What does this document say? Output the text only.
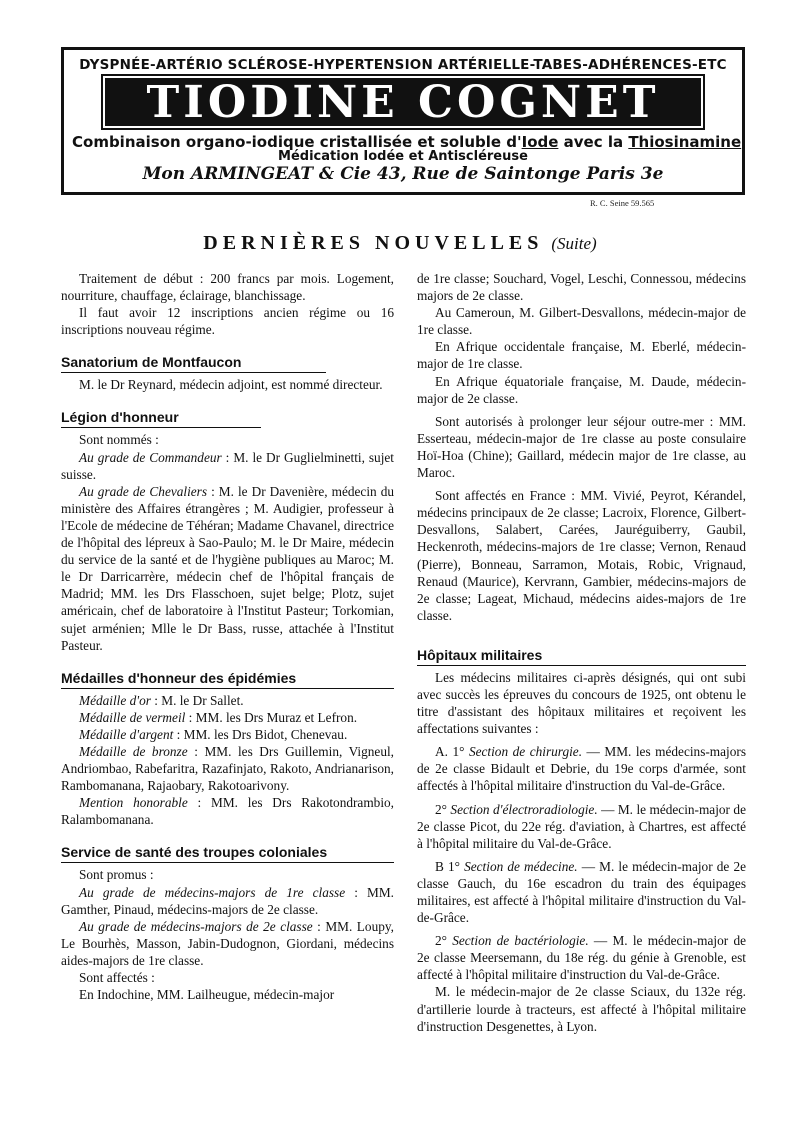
DYSPNÉE-ARTÉRIO SCLÉROSE-HYPERTENSION ARTÉRIELLE-TABES-ADHÉRENCES-ETC
TIODINE COGNET
Combinaison organo-iodique cristallisée et soluble d'Iode avec la Thiosinamine
Médication Iodée et Antiscléreuse
Mon ARMINGEAT & Cie 43, Rue de Saintonge Paris 3e
R. C. Seine 59.565
DERNIÈRES NOUVELLES (Suite)

Traitement de début : 200 francs par mois. Logement, nourriture, chauffage, éclairage, blanchissage.

Il faut avoir 12 inscriptions ancien régime ou 16 inscriptions nouveau régime.

Sanatorium de Montfaucon

M. le Dr Reynard, médecin adjoint, est nommé directeur.

Légion d'honneur

Sont nommés :

Au grade de Commandeur : M. le Dr Guglielminetti, sujet suisse.

Au grade de Chevaliers : M. le Dr Davenière, médecin du ministère des Affaires étrangères ; M. Audigier, professeur à l'Ecole de médecine de Téhéran; Madame Chavanel, directrice de l'hôpital des lépreux à Sao-Paulo; M. le Dr Maire, médecin du service de la santé et de l'hygiène publiques au Maroc; M. le Dr Darricarrère, médecin chef de l'hôpital français de Madrid; MM. les Drs Flasschoen, sujet belge; Plotz, sujet américain, chef de laboratoire à l'Institut Pasteur; Torkomian, sujet arménien; Mlle le Dr Bass, russe, attachée à l'Institut Pasteur.

Médailles d'honneur des épidémies

Médaille d'or : M. le Dr Sallet.

Médaille de vermeil : MM. les Drs Muraz et Lefron.

Médaille d'argent : MM. les Drs Bidot, Chenevau.

Médaille de bronze : MM. les Drs Guillemin, Vigneul, Andriombao, Rabefaritra, Razafinjato, Rakoto, Andrianarison, Rambomanana, Rajaobary, Rakotoarivony.

Mention honorable : MM. les Drs Rakotondrambio, Ralambomanana.

Service de santé des troupes coloniales

Sont promus :

Au grade de médecins-majors de 1re classe : MM. Gamther, Pinaud, médecins-majors de 2e classe.

Au grade de médecins-majors de 2e classe : MM. Loupy, Le Bourhès, Masson, Jabin-Dudognon, Giordani, médecins aides-majors de 1re classe.

Sont affectés :

En Indochine, MM. Lailheugue, médecin-major

de 1re classe; Souchard, Vogel, Leschi, Connessou, médecins majors de 2e classe.

Au Cameroun, M. Gilbert-Desvallons, médecin-major de 1re classe.

En Afrique occidentale française, M. Eberlé, médecin-major de 1re classe.

En Afrique équatoriale française, M. Daude, médecin-major de 2e classe.

Sont autorisés à prolonger leur séjour outre-mer : MM. Esserteau, médecin-major de 1re classe au poste consulaire Hoï-Hoa (Chine); Gaillard, médecin major de 1re classe, au Maroc.

Sont affectés en France : MM. Vivié, Peyrot, Kérandel, médecins principaux de 2e classe; Lacroix, Florence, Gilbert-Desvallons, Salabert, Carées, Jauréguiberry, Gaubil, Heckenroth, médecins-majors de 1re classe; Vernon, Renaud (Pierre), Bonneau, Sarramon, Motais, Robic, Vrignaud, Renaud (Maurice), Kervrann, Gambier, médecins-majors de 2e classe; Lageat, Michaud, médecins aides-majors de 1re classe.

Hôpitaux militaires

Les médecins militaires ci-après désignés, qui ont subi avec succès les épreuves du concours de 1925, ont obtenu le titre d'assistant des hôpitaux militaires et reçoivent les affectations suivantes :

A. 1° Section de chirurgie. — MM. les médecins-majors de 2e classe Bidault et Debrie, du 19e corps d'armée, sont affectés à l'hôpital militaire d'instruction du Val-de-Grâce.

2° Section d'électroradiologie. — M. le médecin-major de 2e classe Picot, du 22e rég. d'aviation, à Chartres, est affecté à l'hôpital militaire du Val-de-Grâce.

B 1° Section de médecine. — M. le médecin-major de 2e classe Gauch, du 16e escadron du train des équipages militaires, est affecté à l'hôpital militaire d'instruction du Val-de-Grâce.

2° Section de bactériologie. — M. le médecin-major de 2e classe Meersemann, du 18e rég. du génie à Grenoble, est affecté à l'hôpital militaire d'instruction du Val-de-Grâce.

M. le médecin-major de 2e classe Sciaux, du 132e rég. d'artillerie lourde à tracteurs, est affecté à l'hôpital militaire d'instruction Desgenettes, à Lyon.
